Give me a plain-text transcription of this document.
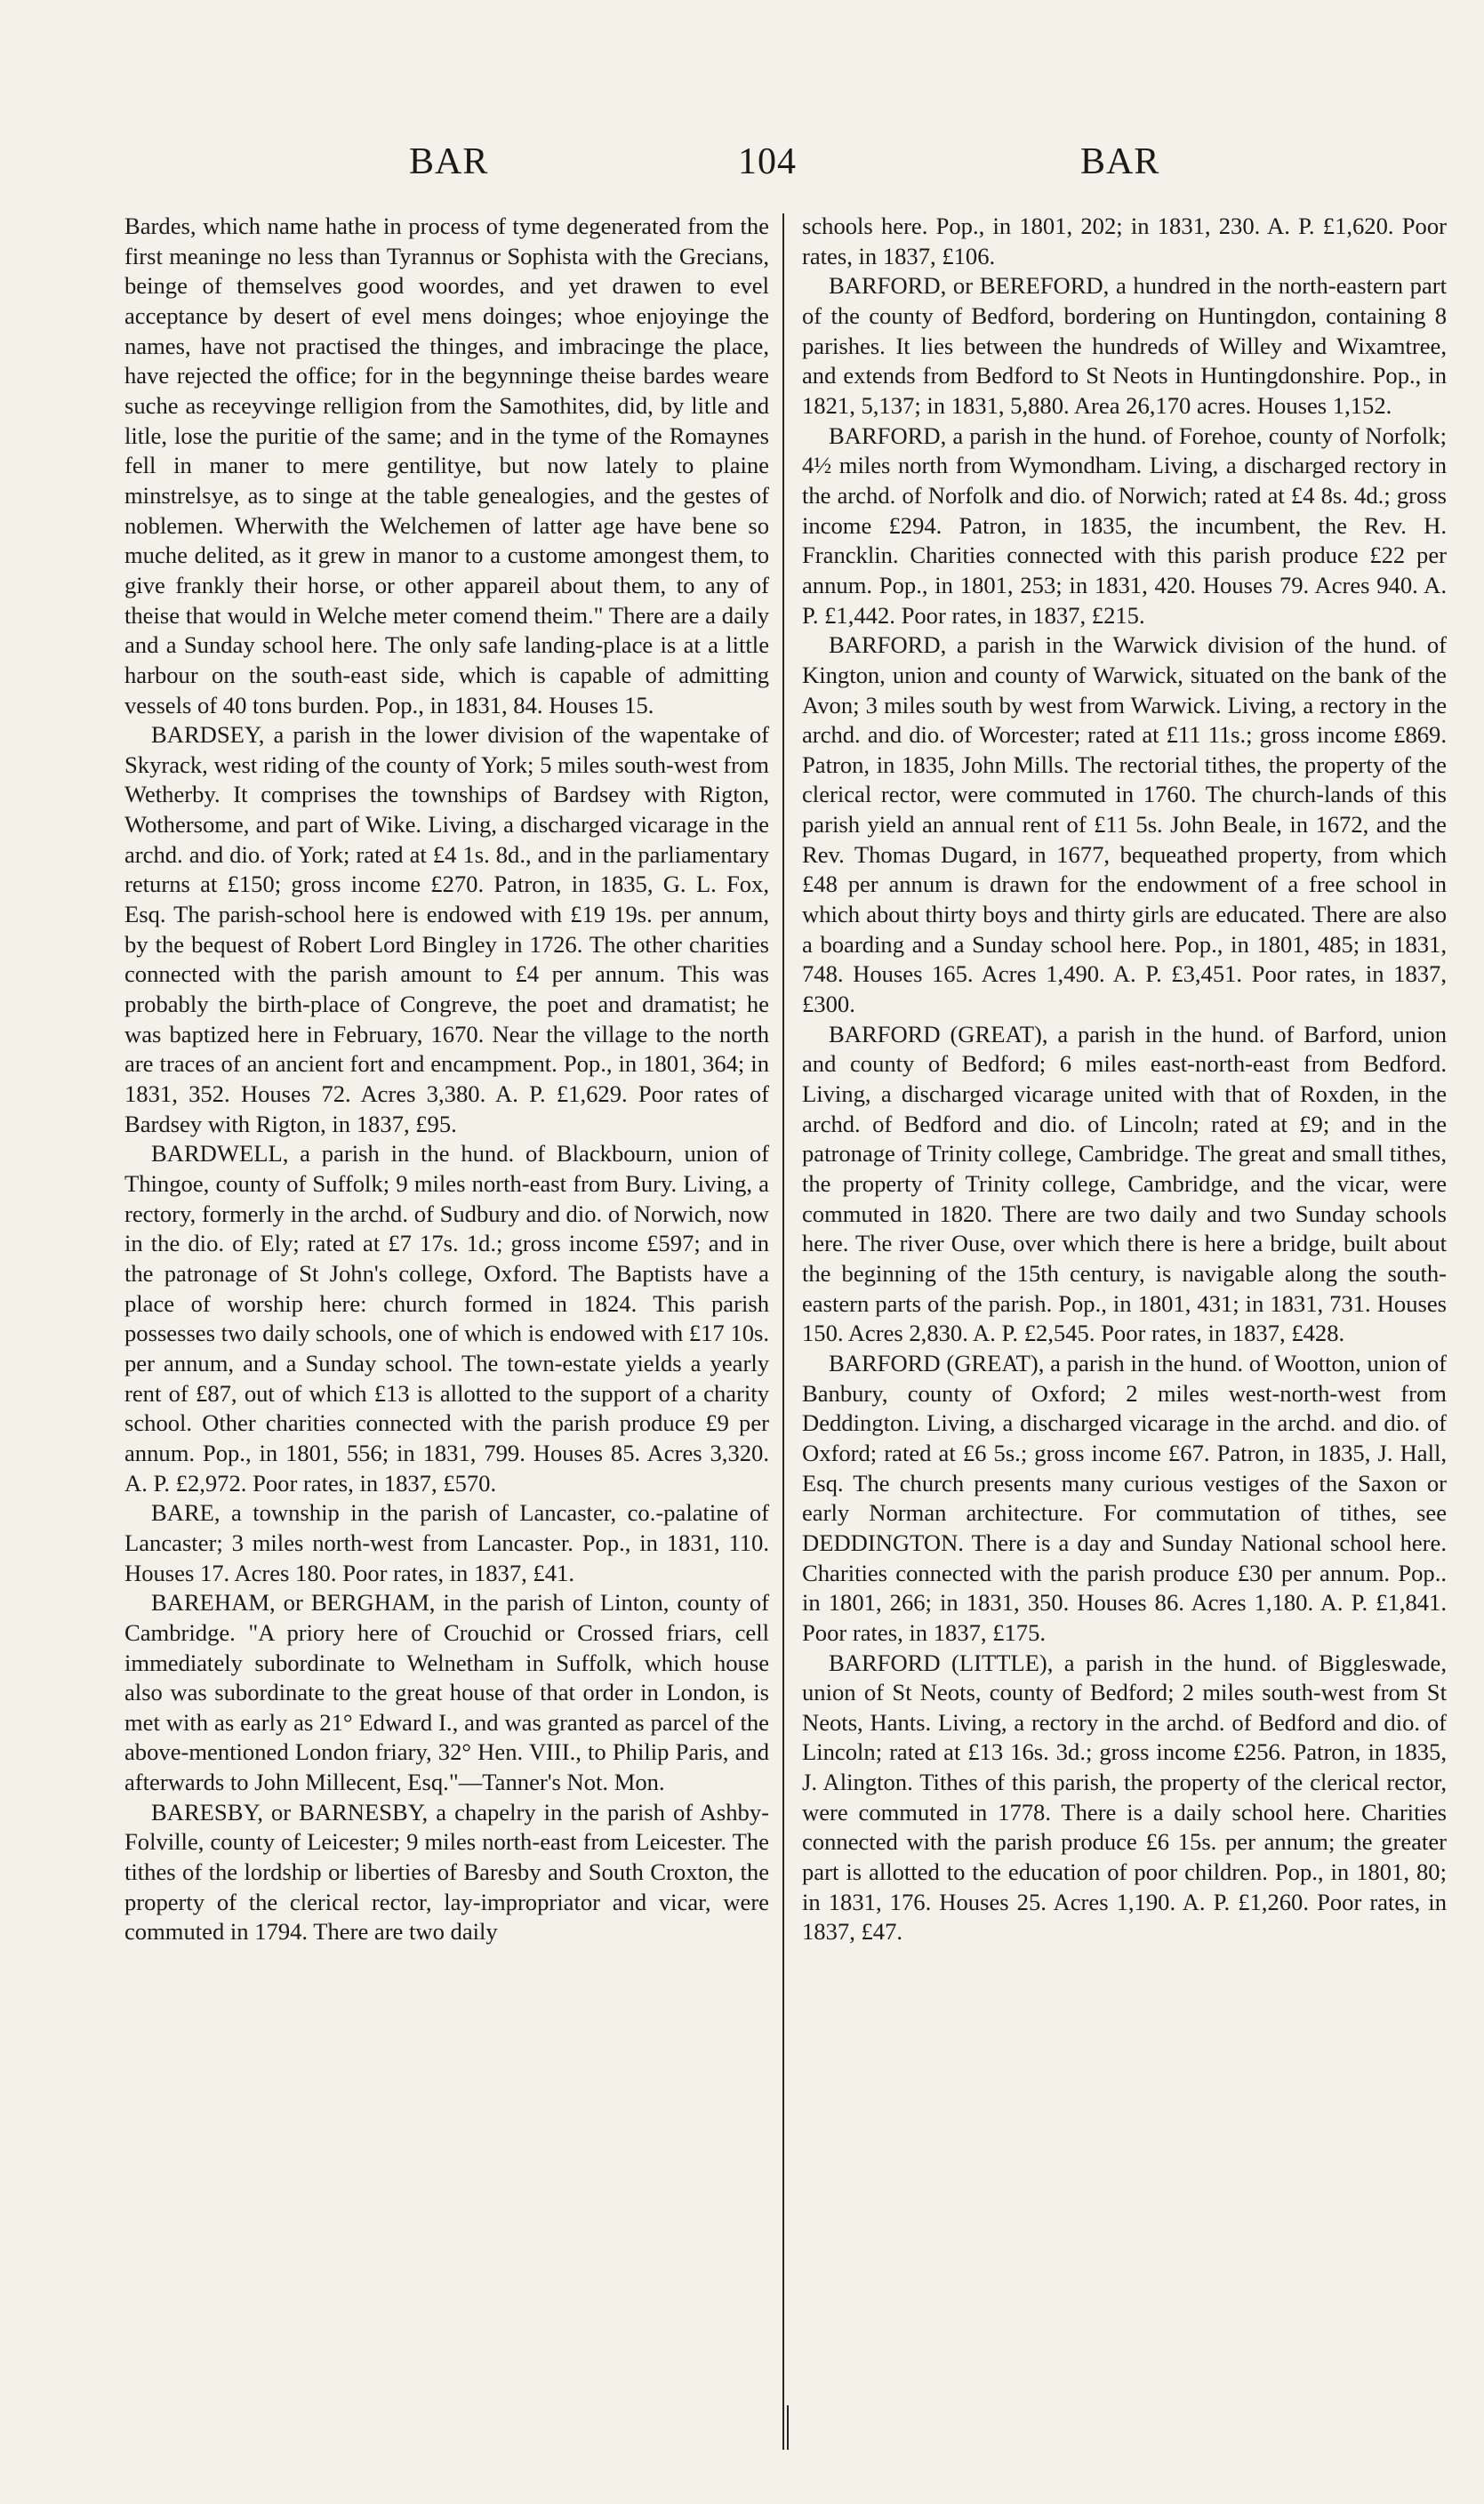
BAR	104	BAR

Bardes, which name hathe in process of tyme degenerated from the first meaninge no less than Tyrannus or Sophista with the Grecians, beinge of themselves good woordes, and yet drawen to evel acceptance by desert of evel mens doinges; whoe enjoyinge the names, have not practised the thinges, and imbracinge the place, have rejected the office; for in the begynninge theise bardes weare suche as receyvinge relligion from the Samothites, did, by litle and litle, lose the puritie of the same; and in the tyme of the Romaynes fell in maner to mere gentilitye, but now lately to plaine minstrelsye, as to singe at the table genealogies, and the gestes of noblemen. Wherwith the Welchemen of latter age have bene so muche delited, as it grew in manor to a custome amongest them, to give frankly their horse, or other appareil about them, to any of theise that would in Welche meter comend theim." There are a daily and a Sunday school here. The only safe landing-place is at a little harbour on the south-east side, which is capable of admitting vessels of 40 tons burden. Pop., in 1831, 84. Houses 15.

BARDSEY, a parish in the lower division of the wapentake of Skyrack, west riding of the county of York; 5 miles south-west from Wetherby. It comprises the townships of Bardsey with Rigton, Wothersome, and part of Wike. Living, a discharged vicarage in the archd. and dio. of York; rated at £4 1s. 8d., and in the parliamentary returns at £150; gross income £270. Patron, in 1835, G. L. Fox, Esq. The parish-school here is endowed with £19 19s. per annum, by the bequest of Robert Lord Bingley in 1726. The other charities connected with the parish amount to £4 per annum. This was probably the birth-place of Congreve, the poet and dramatist; he was baptized here in February, 1670. Near the village to the north are traces of an ancient fort and encampment. Pop., in 1801, 364; in 1831, 352. Houses 72. Acres 3,380. A. P. £1,629. Poor rates of Bardsey with Rigton, in 1837, £95.

BARDWELL, a parish in the hund. of Blackbourn, union of Thingoe, county of Suffolk; 9 miles north-east from Bury. Living, a rectory, formerly in the archd. of Sudbury and dio. of Norwich, now in the dio. of Ely; rated at £7 17s. 1d.; gross income £597; and in the patronage of St John's college, Oxford. The Baptists have a place of worship here: church formed in 1824. This parish possesses two daily schools, one of which is endowed with £17 10s. per annum, and a Sunday school. The town-estate yields a yearly rent of £87, out of which £13 is allotted to the support of a charity school. Other charities connected with the parish produce £9 per annum. Pop., in 1801, 556; in 1831, 799. Houses 85. Acres 3,320. A. P. £2,972. Poor rates, in 1837, £570.

BARE, a township in the parish of Lancaster, co.-palatine of Lancaster; 3 miles north-west from Lancaster. Pop., in 1831, 110. Houses 17. Acres 180. Poor rates, in 1837, £41.

BAREHAM, or BERGHAM, in the parish of Linton, county of Cambridge. "A priory here of Crouchid or Crossed friars, cell immediately subordinate to Welnetham in Suffolk, which house also was subordinate to the great house of that order in London, is met with as early as 21° Edward I., and was granted as parcel of the above-mentioned London friary, 32° Hen. VIII., to Philip Paris, and afterwards to John Millecent, Esq."—Tanner's Not. Mon.

BARESBY, or BARNESBY, a chapelry in the parish of Ashby-Folville, county of Leicester; 9 miles north-east from Leicester. The tithes of the lordship or liberties of Baresby and South Croxton, the property of the clerical rector, lay-impropriator and vicar, were commuted in 1794. There are two daily

schools here. Pop., in 1801, 202; in 1831, 230. A. P. £1,620. Poor rates, in 1837, £106.

BARFORD, or BEREFORD, a hundred in the north-eastern part of the county of Bedford, bordering on Huntingdon, containing 8 parishes. It lies between the hundreds of Willey and Wixamtree, and extends from Bedford to St Neots in Huntingdonshire. Pop., in 1821, 5,137; in 1831, 5,880. Area 26,170 acres. Houses 1,152.

BARFORD, a parish in the hund. of Forehoe, county of Norfolk; 4½ miles north from Wymondham. Living, a discharged rectory in the archd. of Norfolk and dio. of Norwich; rated at £4 8s. 4d.; gross income £294. Patron, in 1835, the incumbent, the Rev. H. Francklin. Charities connected with this parish produce £22 per annum. Pop., in 1801, 253; in 1831, 420. Houses 79. Acres 940. A. P. £1,442. Poor rates, in 1837, £215.

BARFORD, a parish in the Warwick division of the hund. of Kington, union and county of Warwick, situated on the bank of the Avon; 3 miles south by west from Warwick. Living, a rectory in the archd. and dio. of Worcester; rated at £11 11s.; gross income £869. Patron, in 1835, John Mills. The rectorial tithes, the property of the clerical rector, were commuted in 1760. The church-lands of this parish yield an annual rent of £11 5s. John Beale, in 1672, and the Rev. Thomas Dugard, in 1677, bequeathed property, from which £48 per annum is drawn for the endowment of a free school in which about thirty boys and thirty girls are educated. There are also a boarding and a Sunday school here. Pop., in 1801, 485; in 1831, 748. Houses 165. Acres 1,490. A. P. £3,451. Poor rates, in 1837, £300.

BARFORD (GREAT), a parish in the hund. of Barford, union and county of Bedford; 6 miles east-north-east from Bedford. Living, a discharged vicarage united with that of Roxden, in the archd. of Bedford and dio. of Lincoln; rated at £9; and in the patronage of Trinity college, Cambridge. The great and small tithes, the property of Trinity college, Cambridge, and the vicar, were commuted in 1820. There are two daily and two Sunday schools here. The river Ouse, over which there is here a bridge, built about the beginning of the 15th century, is navigable along the south-eastern parts of the parish. Pop., in 1801, 431; in 1831, 731. Houses 150. Acres 2,830. A. P. £2,545. Poor rates, in 1837, £428.

BARFORD (GREAT), a parish in the hund. of Wootton, union of Banbury, county of Oxford; 2 miles west-north-west from Deddington. Living, a discharged vicarage in the archd. and dio. of Oxford; rated at £6 5s.; gross income £67. Patron, in 1835, J. Hall, Esq. The church presents many curious vestiges of the Saxon or early Norman architecture. For commutation of tithes, see DEDDINGTON. There is a day and Sunday National school here. Charities connected with the parish produce £30 per annum. Pop.. in 1801, 266; in 1831, 350. Houses 86. Acres 1,180. A. P. £1,841. Poor rates, in 1837, £175.

BARFORD (LITTLE), a parish in the hund. of Biggleswade, union of St Neots, county of Bedford; 2 miles south-west from St Neots, Hants. Living, a rectory in the archd. of Bedford and dio. of Lincoln; rated at £13 16s. 3d.; gross income £256. Patron, in 1835, J. Alington. Tithes of this parish, the property of the clerical rector, were commuted in 1778. There is a daily school here. Charities connected with the parish produce £6 15s. per annum; the greater part is allotted to the education of poor children. Pop., in 1801, 80; in 1831, 176. Houses 25. Acres 1,190. A. P. £1,260. Poor rates, in 1837, £47.
